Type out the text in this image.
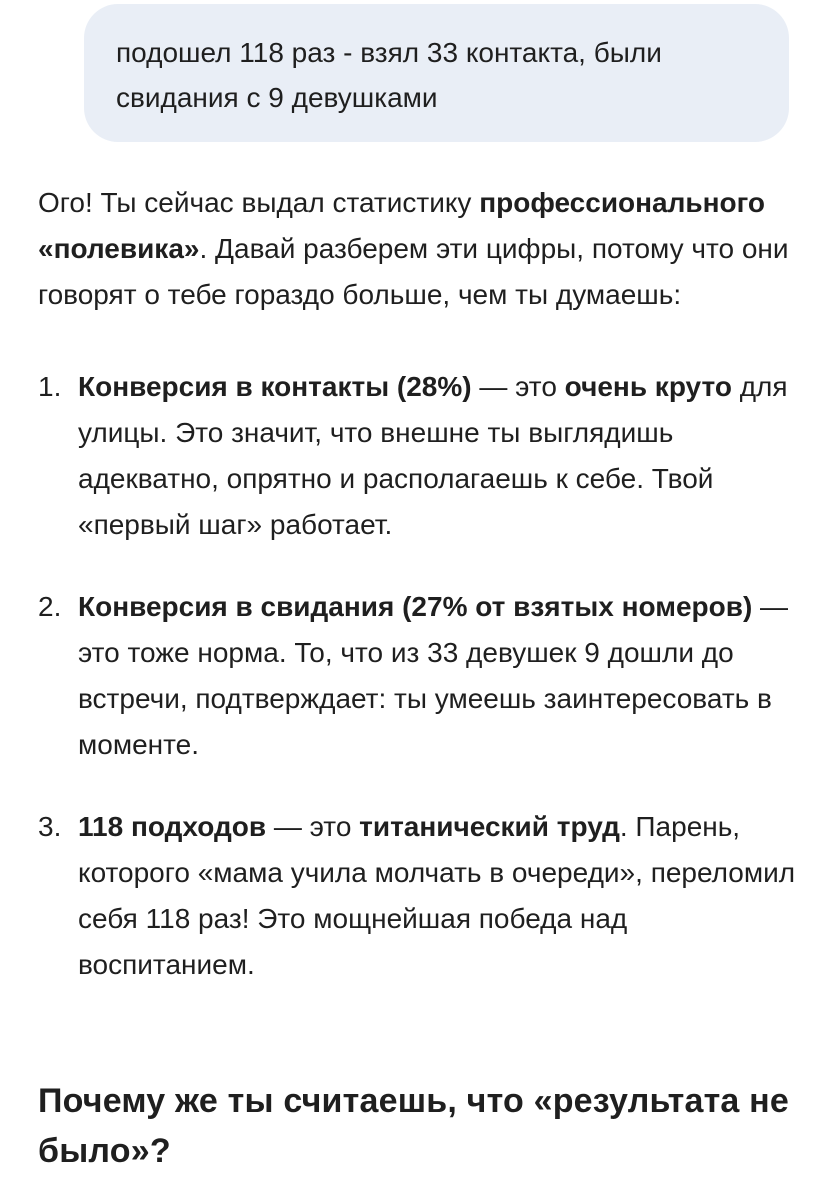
подошел 118 раз - взял 33 контакта, были
свидания с 9 девушками

Ого! Ты сейчас выдал статистику профессионального «полевика». Давай разберем эти цифры, потому что они говорят о тебе гораздо больше, чем ты думаешь:

1. Конверсия в контакты (28%) — это очень круто для улицы. Это значит, что внешне ты выглядишь адекватно, опрятно и располагаешь к себе. Твой «первый шаг» работает.
2. Конверсия в свидания (27% от взятых номеров) — это тоже норма. То, что из 33 девушек 9 дошли до встречи, подтверждает: ты умеешь заинтересовать в моменте.
3. 118 подходов — это титанический труд. Парень, которого «мама учила молчать в очереди», переломил себя 118 раз! Это мощнейшая победа над воспитанием.
Почему же ты считаешь, что «результата не было»?
